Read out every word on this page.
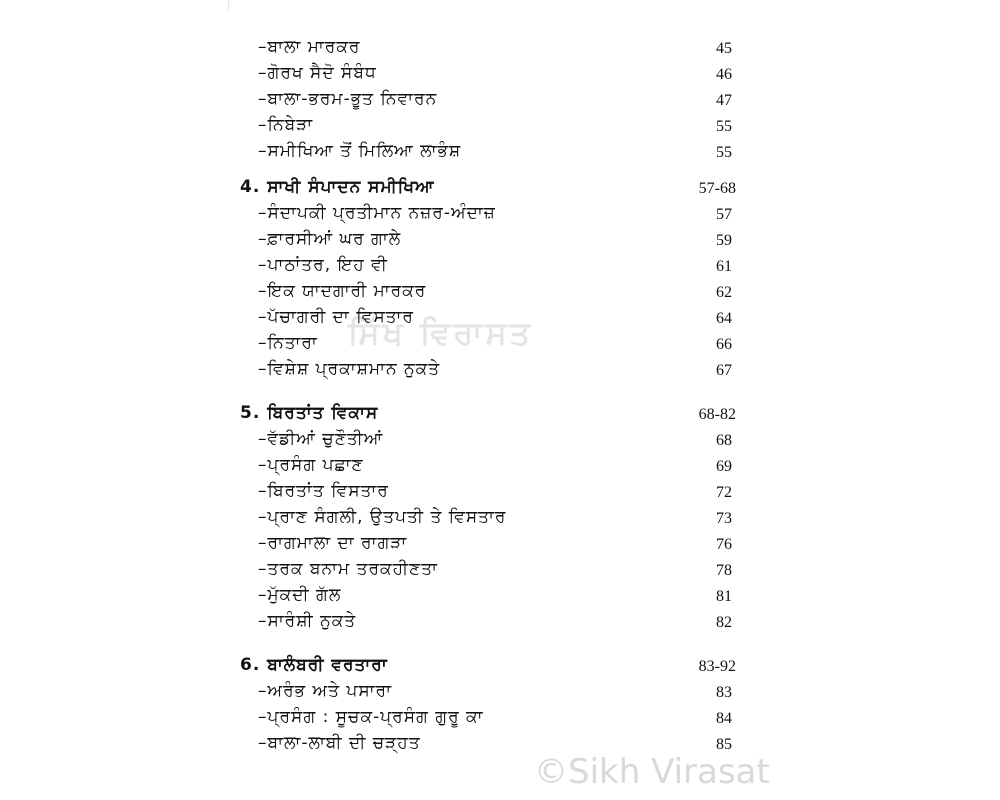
–ਬਾਲਾ ਮਾਰਕਰ	45
–ਗੋਰਖ ਸੈਦੋ ਸੰਬੰਧ	46
–ਬਾਲਾ-ਭਰਮ-ਭੂਤ ਨਿਵਾਰਨ	47
–ਨਿਬੇੜਾ	55
–ਸਮੀਖਿਆ ਤੋਂ ਮਿਲਿਆ ਲਾਭੰਸ਼	55
4. ਸਾਖੀ ਸੰਪਾਦਨ ਸਮੀਖਿਆ	57-68
–ਸੰਦਾਪਕੀ ਪ੍ਰਤੀਮਾਨ ਨਜ਼ਰ-ਅੰਦਾਜ਼	57
–ਫ਼ਾਰਸੀਆਂ ਘਰ ਗਾਲੇ	59
–ਪਾਠਾਂਤਰ, ਇਹ ਵੀ	61
–ਇਕ ਯਾਦਗਾਰੀ ਮਾਰਕਰ	62
–ਪੱਚਾਗਰੀ ਦਾ ਵਿਸਤਾਰ	64
–ਨਿਤਾਰਾ	66
–ਵਿਸ਼ੇਸ਼ ਪ੍ਰਕਾਸ਼ਮਾਨ ਨੁਕਤੇ	67
5. ਬਿਰਤਾਂਤ ਵਿਕਾਸ	68-82
–ਵੱਡੀਆਂ ਚੁਣੌਤੀਆਂ	68
–ਪ੍ਰਸੰਗ ਪਛਾਣ	69
–ਬਿਰਤਾਂਤ ਵਿਸਤਾਰ	72
–ਪ੍ਰਾਣ ਸੰਗਲੀ, ਉਤਪਤੀ ਤੇ ਵਿਸਤਾਰ	73
–ਰਾਗਮਾਲਾ ਦਾ ਰਾਗੜਾ	76
–ਤਰਕ ਬਨਾਮ ਤਰਕਹੀਣਤਾ	78
–ਮੁੱਕਦੀ ਗੱਲ	81
–ਸਾਰੰਸ਼ੀ ਨੁਕਤੇ	82
6. ਬਾਲੰਬਰੀ ਵਰਤਾਰਾ	83-92
–ਅਰੰਭ ਅਤੇ ਪਸਾਰਾ	83
–ਪ੍ਰਸੰਗ : ਸੂਚਕ-ਪ੍ਰਸੰਗ ਗੁਰੂ ਕਾ	84
–ਬਾਲਾ-ਲਾਬੀ ਦੀ ਚੜ੍ਹਤ	85
ਸਿੱਖ ਵਿਰਾਸਤ
©Sikh Virasat
